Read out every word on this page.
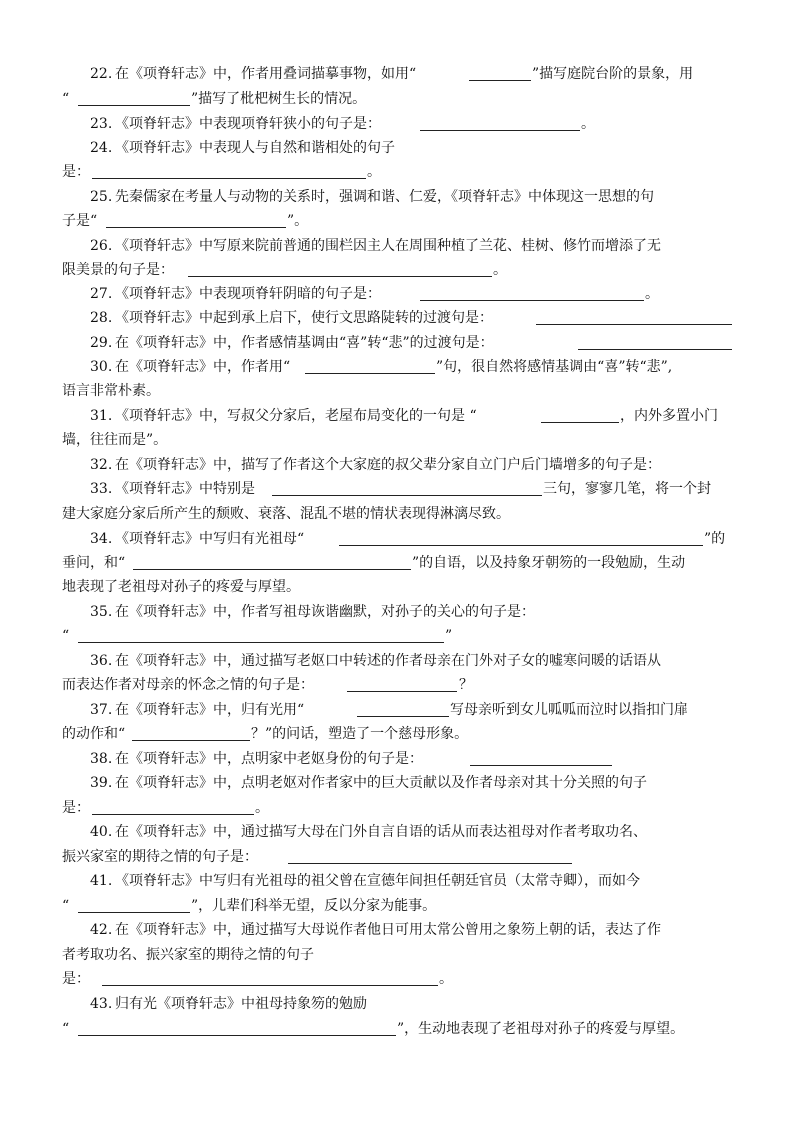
22. 在《项脊轩志》中，作者用叠词描摹事物，如用“	”描写庭院台阶的景象，用
“	”描写了枇杷树生长的情况。
23. 《项脊轩志》中表现项脊轩狭小的句子是：	。
24. 《项脊轩志》中表现人与自然和谐相处的句子
是：	。
25. 先秦儒家在考量人与动物的关系时，强调和谐、仁爱，《项脊轩志》中体现这一思想的句
子是“	”。
26. 《项脊轩志》中写原来院前普通的围栏因主人在周围种植了兰花、桂树、修竹而增添了无
限美景的句子是：	。
27. 《项脊轩志》中表现项脊轩阴暗的句子是：	。
28. 《项脊轩志》中起到承上启下，使行文思路陡转的过渡句是：
29. 在《项脊轩志》中，作者感情基调由“喜”转“悲”的过渡句是：
30. 在《项脊轩志》中，作者用“	”句，很自然将感情基调由“喜”转“悲”,
语言非常朴素。
31. 《项脊轩志》中，写叔父分家后，老屋布局变化的一句是 “	，内外多置小门
墙，往往而是”。
32. 在《项脊轩志》中，描写了作者这个大家庭的叔父辈分家自立门户后门墙增多的句子是：
33. 《项脊轩志》中特别是	三句，寥寥几笔，将一个封
建大家庭分家后所产生的颓败、衰落、混乱不堪的情状表现得淋漓尽致。
34. 《项脊轩志》中写归有光祖母“	”的
垂问，和“	”的自语，以及持象牙朝笏的一段勉励，生动
地表现了老祖母对孙子的疼爱与厚望。
35. 在《项脊轩志》中，作者写祖母诙谐幽默，对孙子的关心的句子是：
“	”
36. 在《项脊轩志》中，通过描写老妪口中转述的作者母亲在门外对子女的嘘寒问暖的话语从
而表达作者对母亲的怀念之情的句子是：	？
37. 在《项脊轩志》中，归有光用“	写母亲听到女儿呱呱而泣时以指扣门扉
的动作和“	？”的问话，塑造了一个慈母形象。
38. 在《项脊轩志》中，点明家中老妪身份的句子是：
39. 在《项脊轩志》中，点明老妪对作者家中的巨大贡献以及作者母亲对其十分关照的句子
是：	。
40. 在《项脊轩志》中，通过描写大母在门外自言自语的话从而表达祖母对作者考取功名、
振兴家室的期待之情的句子是：
41. 《项脊轩志》中写归有光祖母的祖父曾在宣德年间担任朝廷官员（太常寺卿），而如今
“	”，儿辈们科举无望，反以分家为能事。
42. 在《项脊轩志》中，通过描写大母说作者他日可用太常公曾用之象笏上朝的话，表达了作
者考取功名、振兴家室的期待之情的句子
是：	。
43. 归有光《项脊轩志》中祖母持象笏的勉励
“	”，生动地表现了老祖母对孙子的疼爱与厚望。
